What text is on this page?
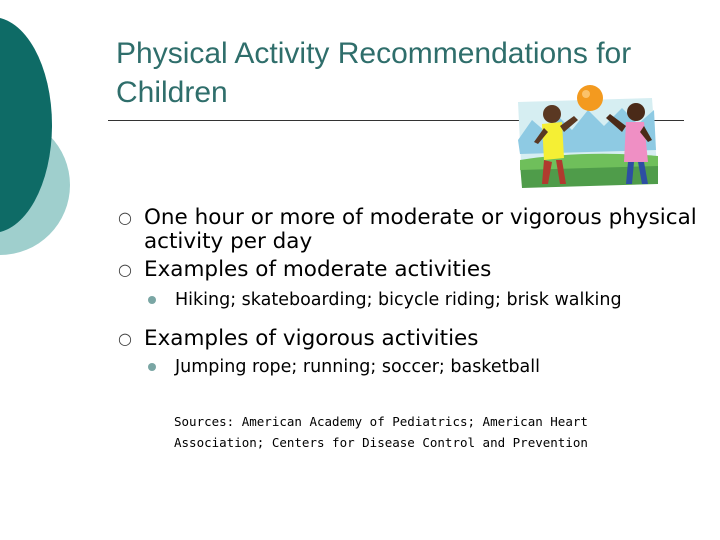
Physical Activity Recommendations for Children
○ One hour or more of moderate or vigorous physical activity per day
○ Examples of moderate activities
Hiking; skateboarding; bicycle riding; brisk walking
○ Examples of vigorous activities
Jumping rope; running; soccer; basketball
Sources: American Academy of Pediatrics; American Heart Association; Centers for Disease Control and Prevention
